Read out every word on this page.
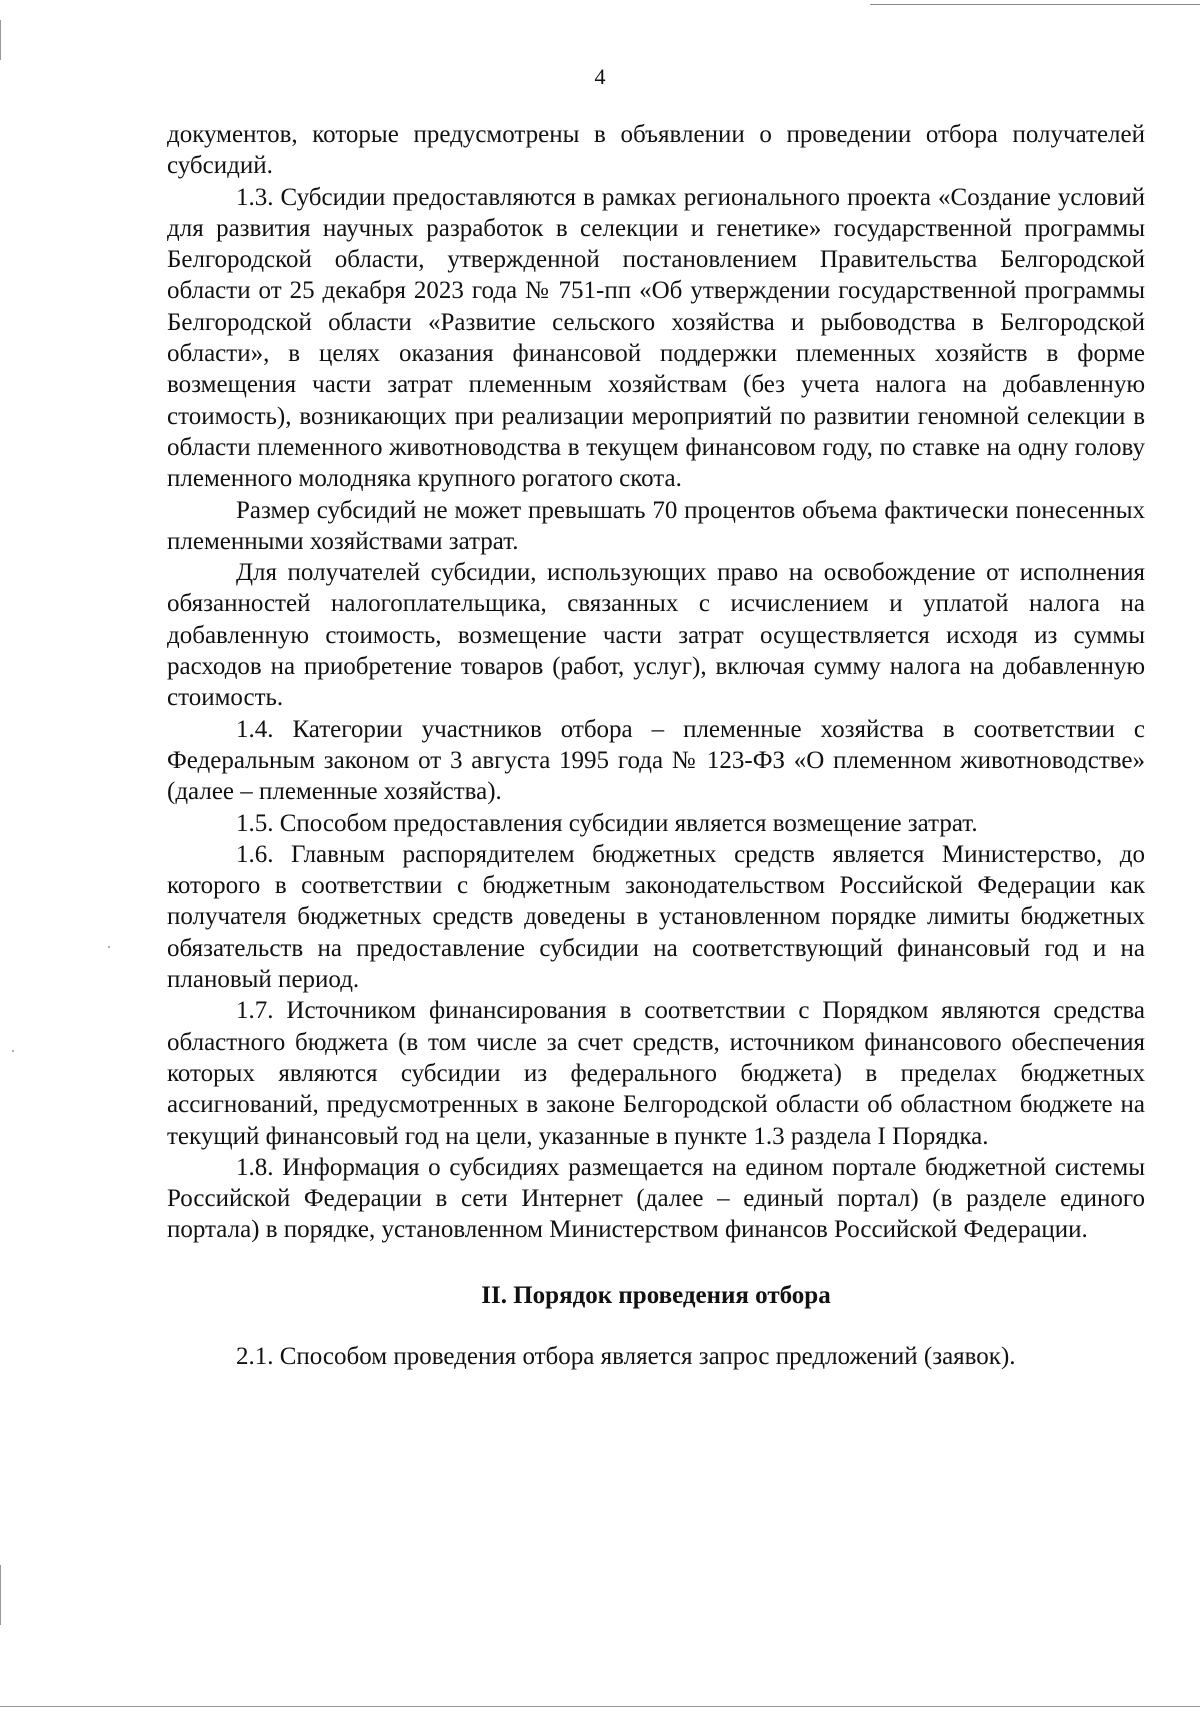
4

документов, которые предусмотрены в объявлении о проведении отбора получателей субсидий.

1.3. Субсидии предоставляются в рамках регионального проекта «Создание условий для развития научных разработок в селекции и генетике» государственной программы Белгородской области, утвержденной постановлением Правительства Белгородской области от 25 декабря 2023 года № 751-пп «Об утверждении государственной программы Белгородской области «Развитие сельского хозяйства и рыбоводства в Белгородской области», в целях оказания финансовой поддержки племенных хозяйств в форме возмещения части затрат племенным хозяйствам (без учета налога на добавленную стоимость), возникающих при реализации мероприятий по развитии геномной селекции в области племенного животноводства в текущем финансовом году, по ставке на одну голову племенного молодняка крупного рогатого скота.

Размер субсидий не может превышать 70 процентов объема фактически понесенных племенными хозяйствами затрат.

Для получателей субсидии, использующих право на освобождение от исполнения обязанностей налогоплательщика, связанных с исчислением и уплатой налога на добавленную стоимость, возмещение части затрат осуществляется исходя из суммы расходов на приобретение товаров (работ, услуг), включая сумму налога на добавленную стоимость.

1.4. Категории участников отбора – племенные хозяйства в соответствии с Федеральным законом от 3 августа 1995 года № 123-ФЗ «О племенном животноводстве» (далее – племенные хозяйства).

1.5. Способом предоставления субсидии является возмещение затрат.

1.6. Главным распорядителем бюджетных средств является Министерство, до которого в соответствии с бюджетным законодательством Российской Федерации как получателя бюджетных средств доведены в установленном порядке лимиты бюджетных обязательств на предоставление субсидии на соответствующий финансовый год и на плановый период.

1.7. Источником финансирования в соответствии с Порядком являются средства областного бюджета (в том числе за счет средств, источником финансового обеспечения которых являются субсидии из федерального бюджета) в пределах бюджетных ассигнований, предусмотренных в законе Белгородской области об областном бюджете на текущий финансовый год на цели, указанные в пункте 1.3 раздела I Порядка.

1.8. Информация о субсидиях размещается на едином портале бюджетной системы Российской Федерации в сети Интернет (далее – единый портал) (в разделе единого портала) в порядке, установленном Министерством финансов Российской Федерации.

II. Порядок проведения отбора

2.1. Способом проведения отбора является запрос предложений (заявок).
